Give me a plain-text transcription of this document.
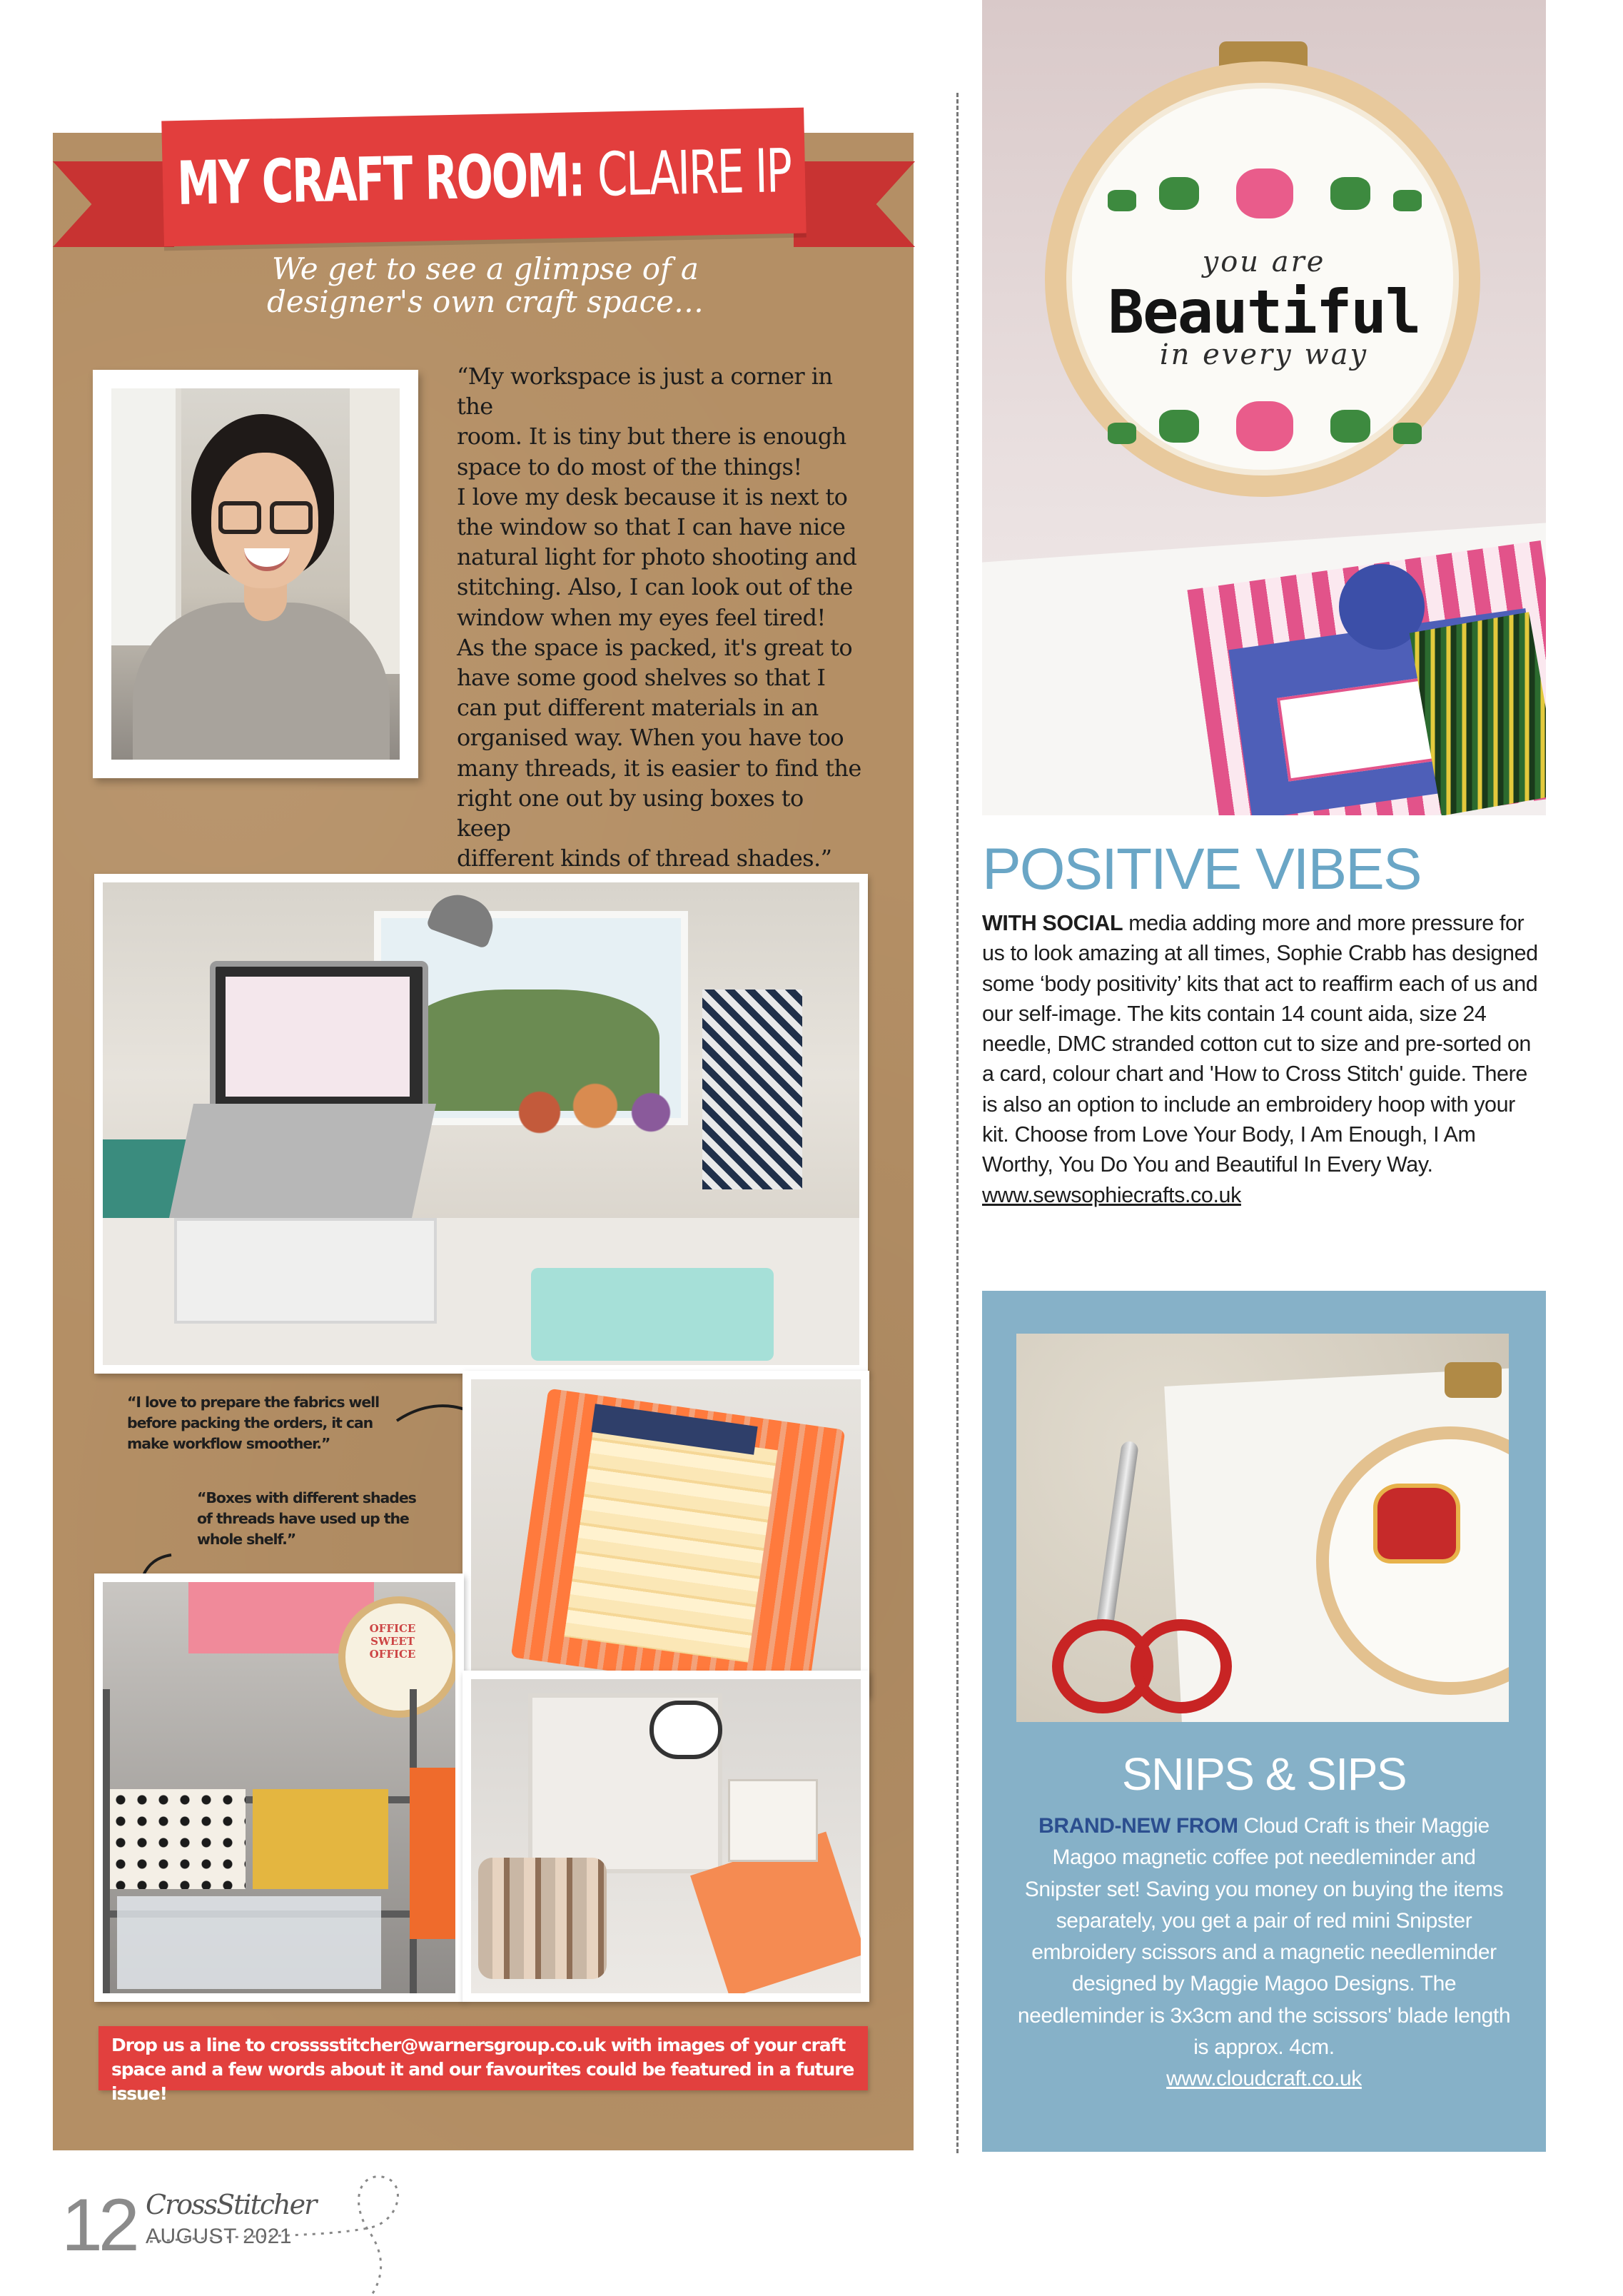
MY CRAFT ROOM: CLAIRE IP
We get to see a glimpse of a designer's own craft space…
“My workspace is just a corner in the
room. It is tiny but there is enough
space to do most of the things!
I love my desk because it is next to
the window so that I can have nice
natural light for photo shooting and
stitching. Also, I can look out of the
window when my eyes feel tired!
As the space is packed, it's great to
have some good shelves so that I
can put different materials in an
organised way. When you have too
many threads, it is easier to find the
right one out by using boxes to keep
different kinds of thread shades.”
“I love to prepare the fabrics well before packing the orders, it can make workflow smoother.”
“Boxes with different shades of threads have used up the whole shelf.”
OFFICE SWEET OFFICE
Drop us a line to crosssstitcher@warnersgroup.co.uk with images of your craft space and a few words about it and our favourites could be featured in a future issue!
you are
Beautiful
in every way
POSITIVE VIBES
WITH SOCIAL media adding more and more pressure for us to look amazing at all times, Sophie Crabb has designed some ‘body positivity’ kits that act to reaffirm each of us and our self-image. The kits contain 14 count aida, size 24 needle, DMC stranded cotton cut to size and pre-sorted on a card, colour chart and 'How to Cross Stitch' guide. There is also an option to include an embroidery hoop with your kit. Choose from Love Your Body, I Am Enough, I Am Worthy, You Do You and Beautiful In Every Way.
www.sewsophiecrafts.co.uk
SNIPS & SIPS
BRAND-NEW FROM Cloud Craft is their Maggie Magoo magnetic coffee pot needleminder and Snipster set! Saving you money on buying the items separately, you get a pair of red mini Snipster embroidery scissors and a magnetic needleminder designed by Maggie Magoo Designs. The needleminder is 3x3cm and the scissors' blade length is approx. 4cm.
www.cloudcraft.co.uk
12 CrossStitcher
AUGUST 2021
